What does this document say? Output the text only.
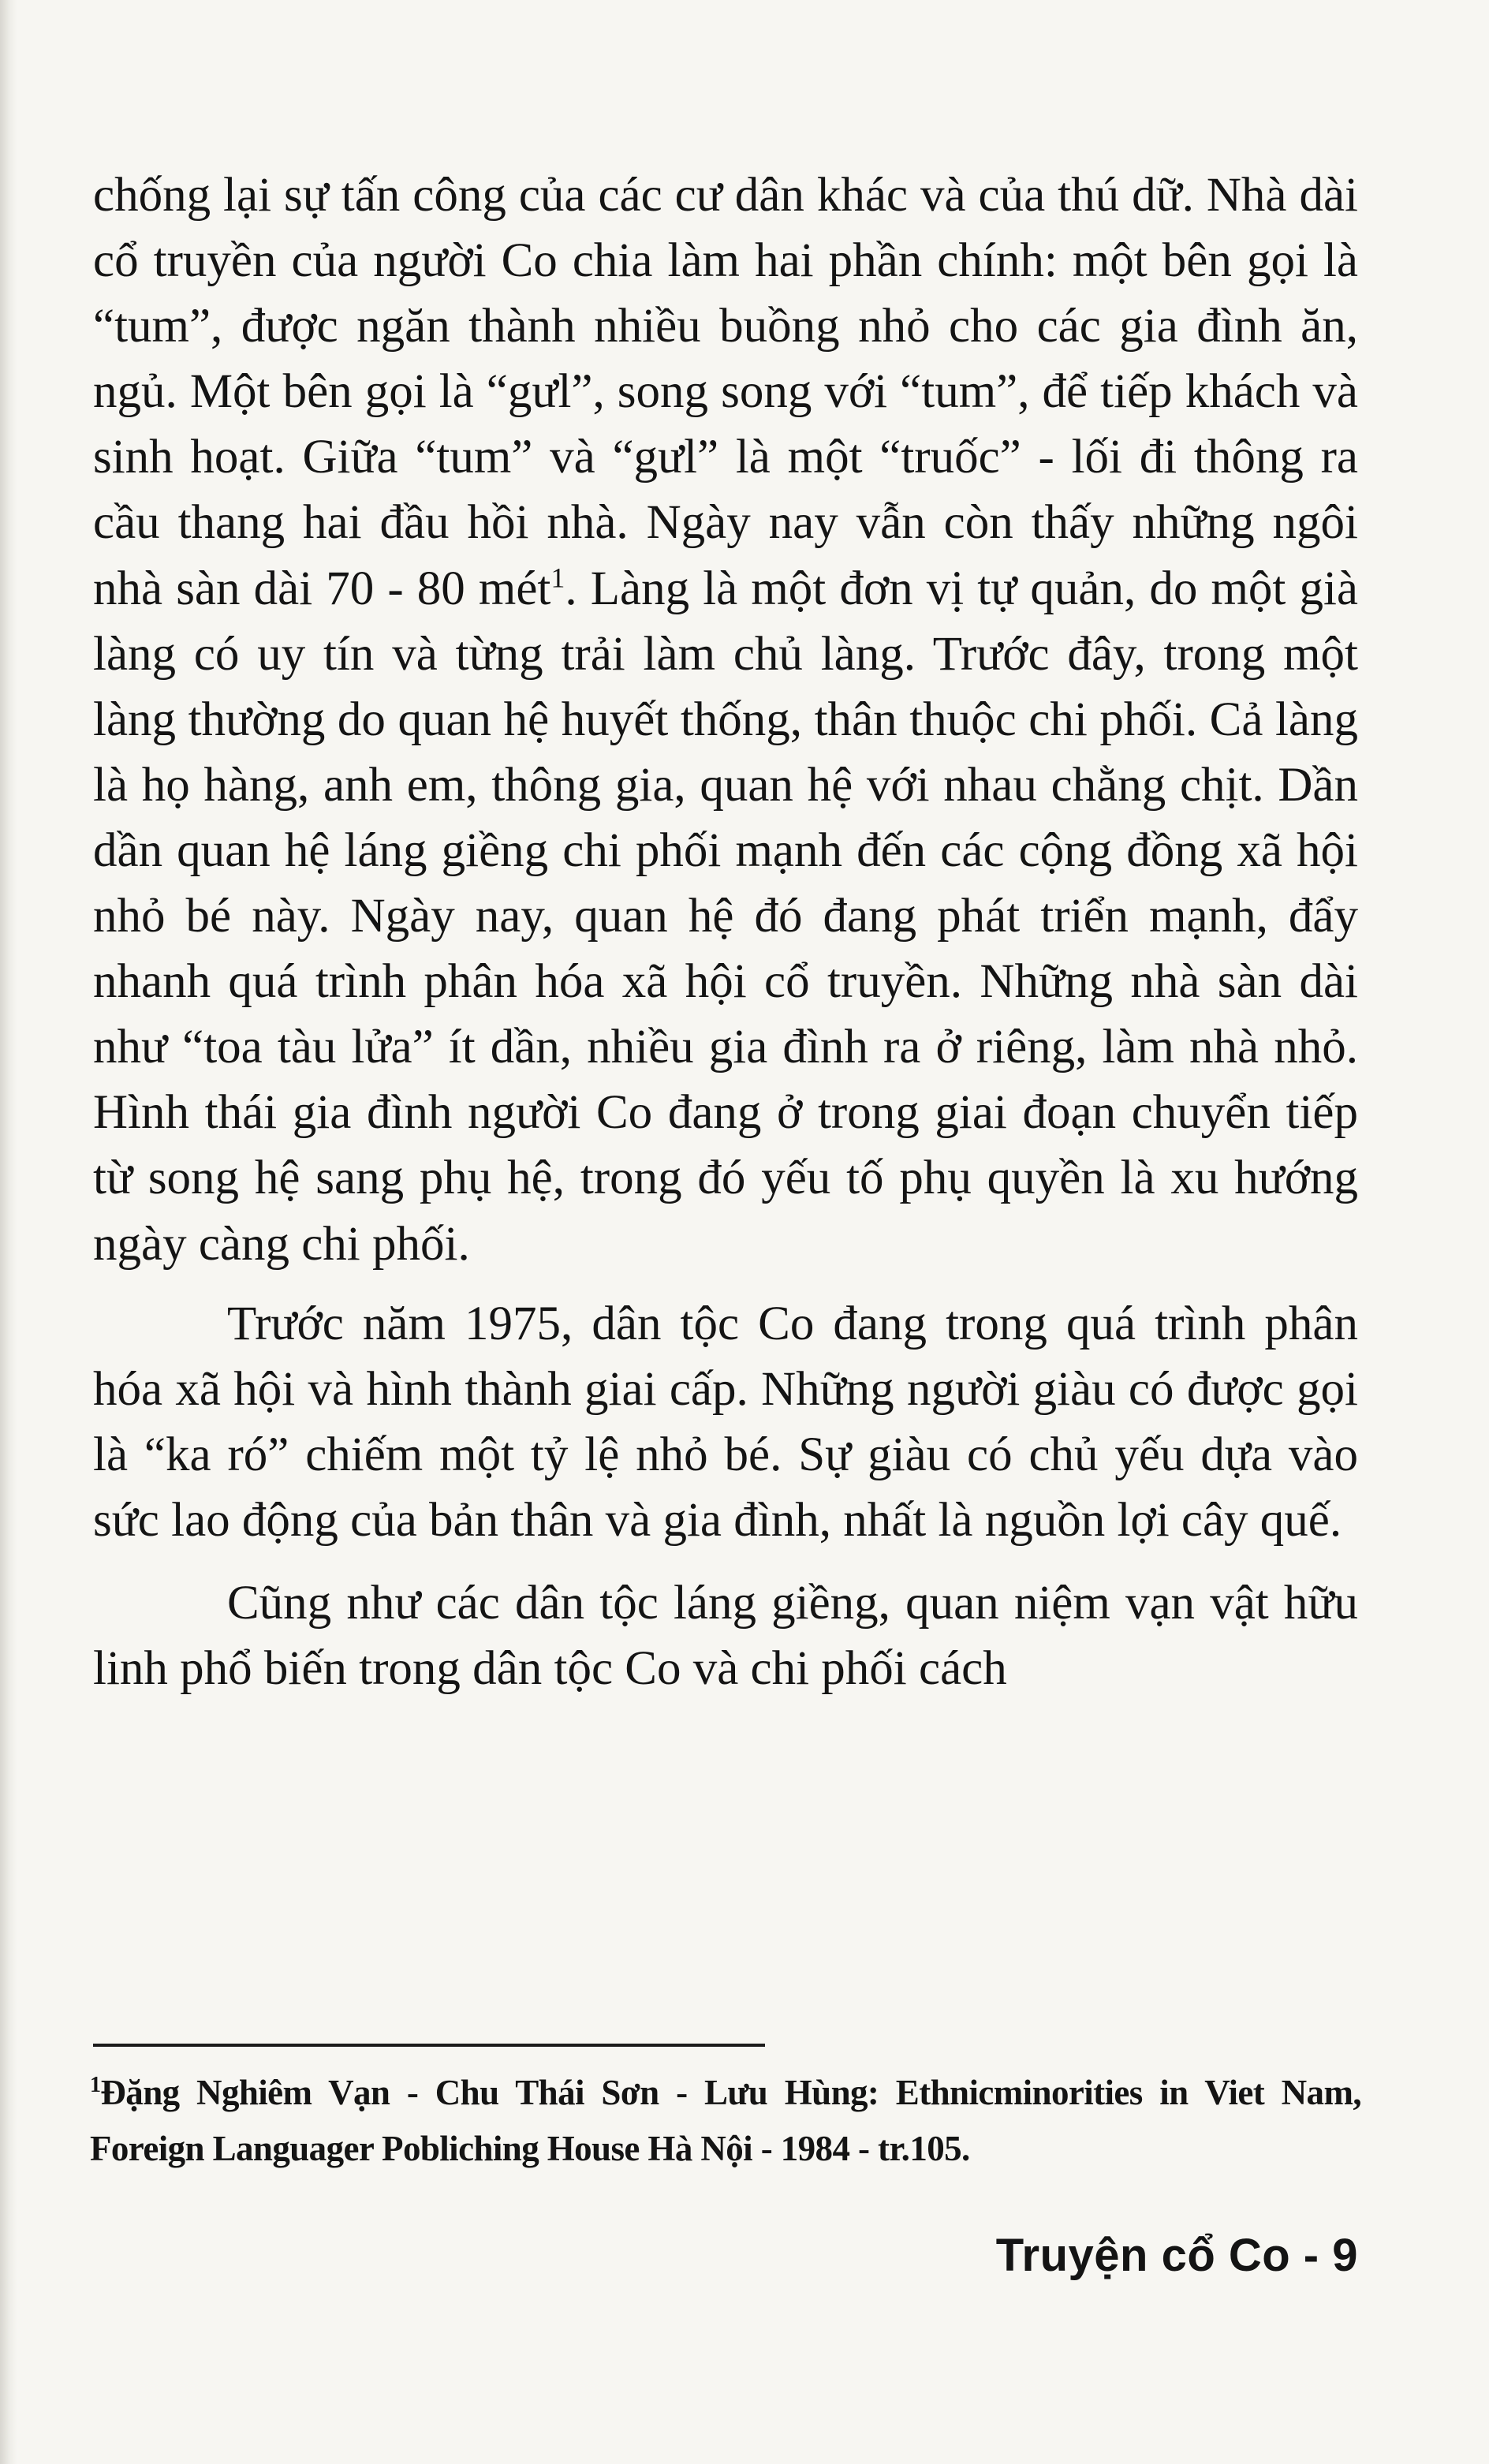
chống lại sự tấn công của các cư dân khác và của thú dữ. Nhà dài cổ truyền của người Co chia làm hai phần chính: một bên gọi là “tum”, được ngăn thành nhiều buồng nhỏ cho các gia đình ăn, ngủ. Một bên gọi là “gưl”, song song với “tum”, để tiếp khách và sinh hoạt. Giữa “tum” và “gưl” là một “truốc” - lối đi thông ra cầu thang hai đầu hồi nhà. Ngày nay vẫn còn thấy những ngôi nhà sàn dài 70 - 80 mét$^1$. Làng là một đơn vị tự quản, do một già làng có uy tín và từng trải làm chủ làng. Trước đây, trong một làng thường do quan hệ huyết thống, thân thuộc chi phối. Cả làng là họ hàng, anh em, thông gia, quan hệ với nhau chằng chịt. Dần dần quan hệ láng giềng chi phối mạnh đến các cộng đồng xã hội nhỏ bé này. Ngày nay, quan hệ đó đang phát triển mạnh, đẩy nhanh quá trình phân hóa xã hội cổ truyền. Những nhà sàn dài như “toa tàu lửa” ít dần, nhiều gia đình ra ở riêng, làm nhà nhỏ. Hình thái gia đình người Co đang ở trong giai đoạn chuyển tiếp từ song hệ sang phụ hệ, trong đó yếu tố phụ quyền là xu hướng ngày càng chi phối.

Trước năm 1975, dân tộc Co đang trong quá trình phân hóa xã hội và hình thành giai cấp. Những người giàu có được gọi là “ka ró” chiếm một tỷ lệ nhỏ bé. Sự giàu có chủ yếu dựa vào sức lao động của bản thân và gia đình, nhất là nguồn lợi cây quế.

Cũng như các dân tộc láng giềng, quan niệm vạn vật hữu linh phổ biến trong dân tộc Co và chi phối cách

$^1$Đặng Nghiêm Vạn - Chu Thái Sơn - Lưu Hùng: Ethnicminorities in Viet Nam, Foreign Languager Pobliching House Hà Nội - 1984 - tr.105.

Truyện cổ Co - 9
